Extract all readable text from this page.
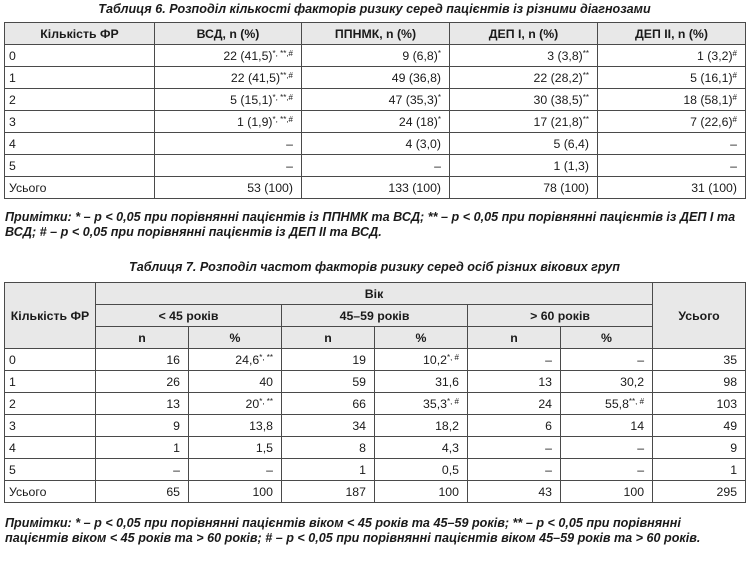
Таблиця 6. Розподіл кількості факторів ризику серед пацієнтів із різними діагнозами
Кількість ФР	ВСД, n (%)	ППНМК, n (%)	ДЕП І, n (%)	ДЕП ІІ, n (%)
0	22 (41,5)*, **,#	9 (6,8)*	3 (3,8)**	1 (3,2)#
1	22 (41,5)**,#	49 (36,8)	22 (28,2)**	5 (16,1)#
2	5 (15,1)*, **,#	47 (35,3)*	30 (38,5)**	18 (58,1)#
3	1 (1,9)*, **,#	24 (18)*	17 (21,8)**	7 (22,6)#
4	–	4 (3,0)	5 (6,4)	–
5	–	–	1 (1,3)	–
Усього	53 (100)	133 (100)	78 (100)	31 (100)
Примітки: * – p < 0,05 при порівнянні пацієнтів із ППНМК та ВСД; ** – p < 0,05 при порівнянні пацієнтів із ДЕП І та ВСД; # – p < 0,05 при порівнянні пацієнтів із ДЕП ІІ та ВСД.
Таблиця 7. Розподіл частот факторів ризику серед осіб різних вікових груп
Кількість ФР	Вік						Усього
	< 45 років		45–59 років		> 60 років		
	n	%	n	%	n	%	
0	16	24,6*, **	19	10,2*, #	–	–	35
1	26	40	59	31,6	13	30,2	98
2	13	20*, **	66	35,3*, #	24	55,8**, #	103
3	9	13,8	34	18,2	6	14	49
4	1	1,5	8	4,3	–	–	9
5	–	–	1	0,5	–	–	1
Усього	65	100	187	100	43	100	295
Примітки: * – p < 0,05 при порівнянні пацієнтів віком < 45 років та 45–59 років; ** – p < 0,05 при порівнянні пацієнтів віком < 45 років та > 60 років; # – p < 0,05 при порівнянні пацієнтів віком 45–59 років та > 60 років.
